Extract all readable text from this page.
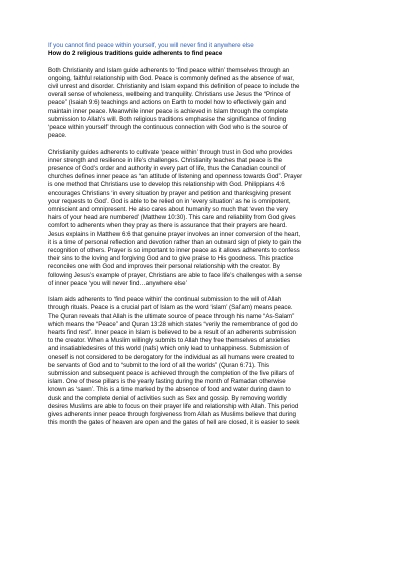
If you cannot find peace within yourself, you will never find it anywhere else
How do 2 religious traditions guide adherents to find peace
Both Christianity and Islam guide adherents to ‘find peace within’ themselves through an
ongoing, faithful relationship with God. Peace is commonly defined as the absence of war,
civil unrest and disorder. Christianity and Islam expand this definition of peace to include the
overall sense of wholeness, wellbeing and tranquility. Christians use Jesus the “Prince of
peace” (Isaiah 9:6) teachings and actions on Earth to model how to effectively gain and
maintain inner peace. Meanwhile inner peace is achieved in Islam through the complete
submission to Allah’s will. Both religious traditions emphasise the significance of finding
‘peace within yourself’ through the continuous connection with God who is the source of
peace.
Christianity guides adherents to cultivate ‘peace within’ through trust in God who provides
inner strength and resilience in life’s challenges. Christianity teaches that peace is the
presence of God’s order and authority in every part of life, thus the Canadian council of
churches defines inner peace as “an attitude of listening and openness towards God”. Prayer
is one method that Christians use to develop this relationship with God. Philippians 4:6
encourages Christians ‘in every situation by prayer and petition and thanksgiving present
your requests to God’. God is able to be relied on in ‘every situation’ as he is omnipotent,
omniscient and omnipresent. He also cares about humanity so much that ‘even the very
hairs of your head are numbered’ (Matthew 10:30). This care and reliability from God gives
comfort to adherents when they pray as there is assurance that their prayers are heard.
Jesus explains in Matthew 6:6 that genuine prayer involves an inner conversion of the heart,
it is a time of personal reflection and devotion rather than an outward sign of piety to gain the
recognition of others. Prayer is so important to inner peace as it allows adherents to confess
their sins to the loving and forgiving God and to give praise to His goodness. This practice
reconciles one with God and improves their personal relationship with the creator. By
following Jesus’s example of prayer, Christians are able to face life’s challenges with a sense
of inner peace ‘you will never find…anywhere else’
Islam aids adherents to ‘find peace within’ the continual submission to the will of Allah
through rituals. Peace is a crucial part of Islam as the word ‘islam’ (Sal’am) means peace.
The Quran reveals that Allah is the ultimate source of peace through his name “As-Salam”
which means the “Peace” and Quran 13:28 which states “verily the remembrance of god do
hearts find rest”. Inner peace in Islam is believed to be a result of an adherents submission
to the creator. When a Muslim willingly submits to Allah they free themselves of anxieties
and insatiabledesires of this world (nafs) which only lead to unhappiness. Submission of
oneself is not considered to be derogatory for the individual as all humans were created to
be servants of God and to “submit to the lord of all the worlds” (Quran 6:71). This
submission and subsequent peace is achieved through the completion of the five pillars of
islam. One of these pillars is the yearly fasting during the month of Ramadan otherwise
known as ‘sawn’. This is a time marked by the absence of food and water during dawn to
dusk and the complete denial of activities such as Sex and gossip. By removing worldly
desires Muslims are able to focus on their prayer life and relationship with Allah. This period
gives adherents inner peace through forgiveness from Allah as Muslims believe that during
this month the gates of heaven are open and the gates of hell are closed, it is easier to seek
